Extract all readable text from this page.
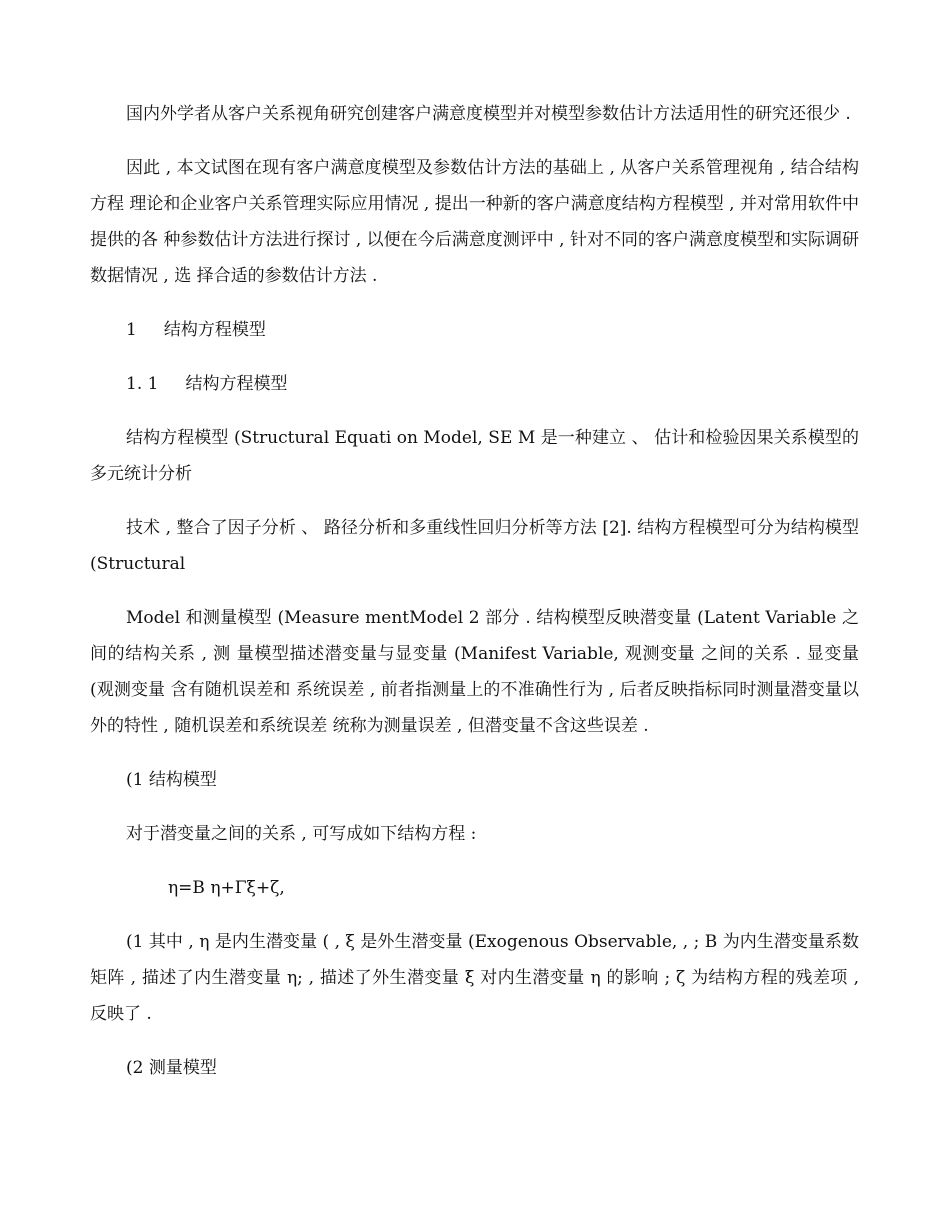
国内外学者从客户关系视角研究创建客户满意度模型并对模型参数估计方法适用性的研究还很少 .

因此 , 本文试图在现有客户满意度模型及参数估计方法的基础上 , 从客户关系管理视角 , 结合结构方程 理论和企业客户关系管理实际应用情况 , 提出一种新的客户满意度结构方程模型 , 并对常用软件中提供的各 种参数估计方法进行探讨 , 以便在今后满意度测评中 , 针对不同的客户满意度模型和实际调研数据情况 , 选 择合适的参数估计方法 .

1     结构方程模型

1. 1     结构方程模型

结构方程模型 (Structural Equati on Model, SE M 是一种建立 、 估计和检验因果关系模型的多元统计分析

技术 , 整合了因子分析 、 路径分析和多重线性回归分析等方法 [2]. 结构方程模型可分为结构模型 (Structural

Model 和测量模型 (Measure mentModel 2 部分 . 结构模型反映潜变量 (Latent Variable 之间的结构关系 , 测 量模型描述潜变量与显变量 (Manifest Variable, 观测变量 之间的关系 . 显变量 (观测变量 含有随机误差和 系统误差 , 前者指测量上的不准确性行为 , 后者反映指标同时测量潜变量以外的特性 , 随机误差和系统误差 统称为测量误差 , 但潜变量不含这些误差 .

(1 结构模型

对于潜变量之间的关系 , 可写成如下结构方程 :

η=B η+Γξ+ζ,

(1 其中 , η 是内生潜变量 ( , ξ 是外生潜变量 (Exogenous Observable, , ; B 为内生潜变量系数矩阵 , 描述了内生潜变量 η; , 描述了外生潜变量 ξ 对内生潜变量 η 的影响 ; ζ 为结构方程的残差项 , 反映了 .

(2 测量模型
